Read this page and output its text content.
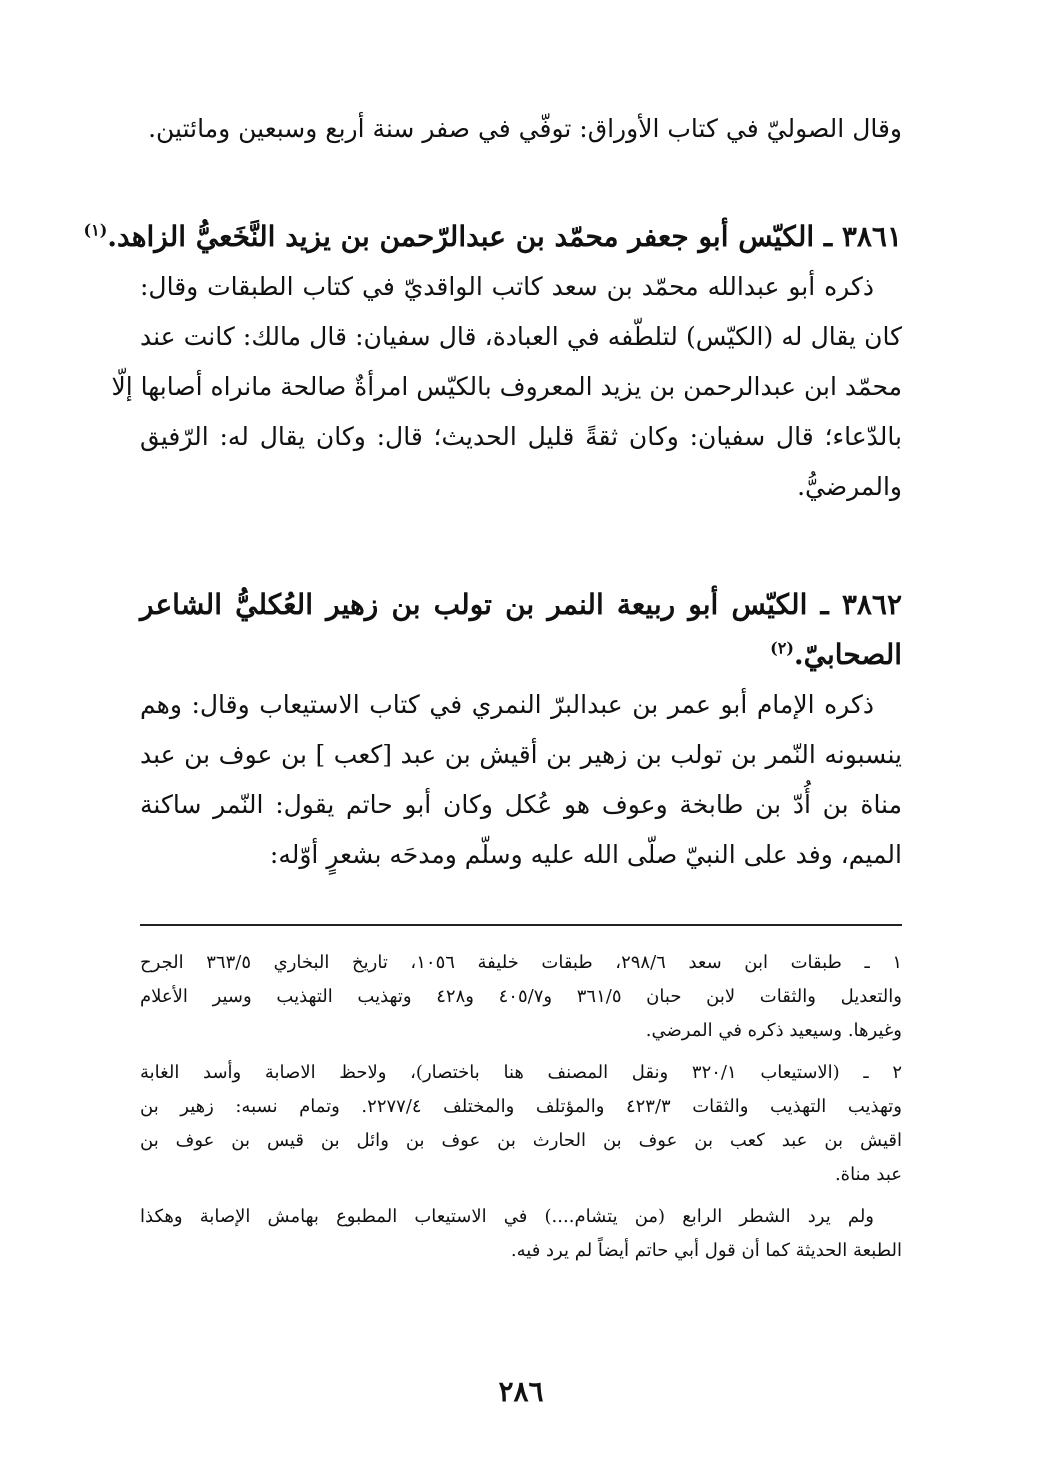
وقال الصوليّ في كتاب الأوراق: توفّي في صفر سنة أربع وسبعين ومائتين.

٣٨٦١ ـ الكيّس أبو جعفر محمّد بن عبدالرّحمن بن يزيد النَّخَعيُّ الزاهد.$^{(١)}$
ذكره أبو عبدالله محمّد بن سعد كاتب الواقديّ في كتاب الطبقات وقال:
كان يقال له (الكيّس) لتلطّفه في العبادة، قال سفيان: قال مالك: كانت عند
محمّد ابن عبدالرحمن بن يزيد المعروف بالكيّس امرأةٌ صالحة مانراه أصابها إلّا
بالدّعاء؛ قال سفيان: وكان ثقةً قليل الحديث؛ قال: وكان يقال له: الرّفيق
والمرضيُّ.
٣٨٦٢ ـ الكيّس أبو ربيعة النمر بن تولب بن زهير العُكليُّ الشاعر
الصحابيّ.$^{(٢)}$
ذكره الإمام أبو عمر بن عبدالبرّ النمري في كتاب الاستيعاب وقال: وهم
ينسبونه النّمر بن تولب بن زهير بن أقيش بن عبد [كعب ] بن عوف بن عبد
مناة بن أُدّ بن طابخة وعوف هو عُكل وكان أبو حاتم يقول: النّمر ساكنة
الميم، وفد على النبيّ صلّى الله عليه وسلّم ومدحَه بشعرٍ أوّله:
١ ـ طبقات ابن سعد ٢٩٨/٦، طبقات خليفة ١٠٥٦، تاريخ البخاري ٣٦٣/٥ الجرح
والتعديل والثقات لابن حبان ٣٦١/٥ و٤٠٥/٧ و٤٢٨ وتهذيب التهذيب وسير الأعلام
وغيرها. وسيعيد ذكره في المرضي.
٢ ـ (الاستيعاب ٣٢٠/١ ونقل المصنف هنا باختصار)، ولاحظ الاصابة وأسد الغابة
وتهذيب التهذيب والثقات ٤٢٣/٣ والمؤتلف والمختلف ٢٢٧٧/٤. وتمام نسبه: زهير بن
اقيش بن عبد كعب بن عوف بن الحارث بن عوف بن وائل بن قيس بن عوف بن
عبد مناة.
ولم يرد الشطر الرابع (من يتشام....) في الاستيعاب المطبوع بهامش الإصابة وهكذا
الطبعة الحديثة كما أن قول أبي حاتم أيضاً لم يرد فيه.
٢٨٦
